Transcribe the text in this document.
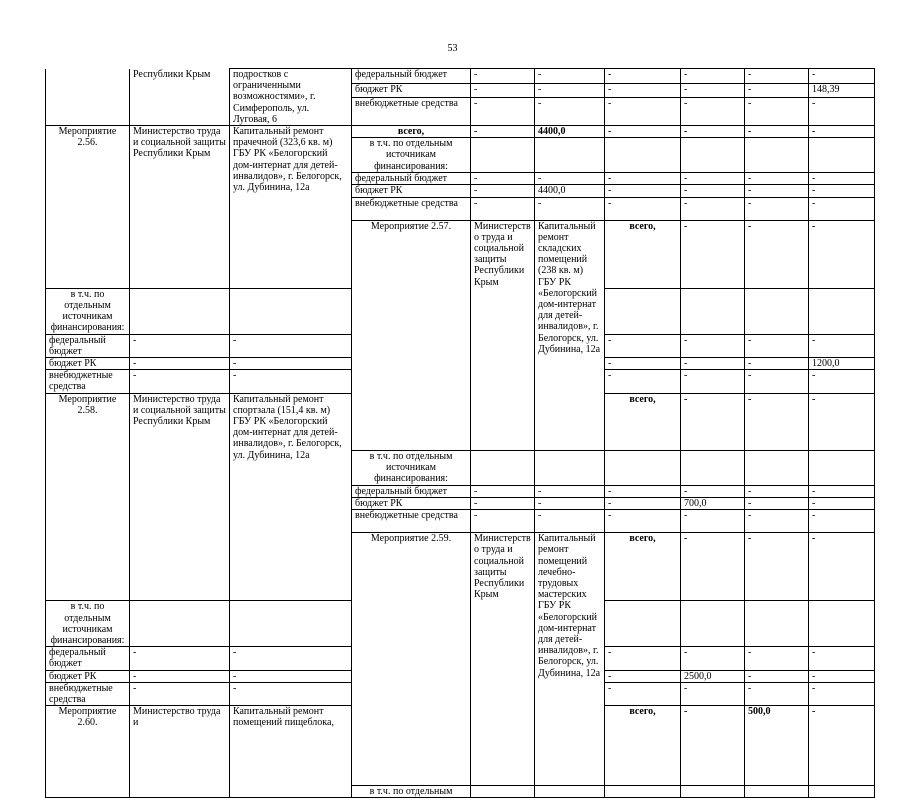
53
	Республики Крым	подростков с ограниченными возможностями», г. Симферополь, ул. Луговая, 6	федеральный бюджет	-	-	-	-	-	-	
			бюджет РК	-	-	-	-	-	148,39	
			внебюджетные средства	-	-	-	-	-	-	
Мероприятие 2.56.	Министерство труда и социальной защиты Республики Крым	Капитальный ремонт прачечной (323,6 кв. м) ГБУ РК «Белогорский дом-интернат для детей-инвалидов», г. Белогорск, ул. Дубинина, 12а	всего,	-	4400,0	-	-	-	-	
			в т.ч. по отдельным источникам финансирования:							
			федеральный бюджет	-	-	-	-	-	-	
			бюджет РК	-	4400,0	-	-	-	-	
			внебюджетные средства	-	-	-	-	-	-	
			Мероприятие 2.57.	Министерство труда и социальной защиты Республики Крым	Капитальный ремонт складских помещений (238 кв. м) ГБУ РК «Белогорский дом-интернат для детей-инвалидов», г. Белогорск, ул. Дубинина, 12а	всего,	-	-	-			
в т.ч. по отдельным источникам финансирования:										
федеральный бюджет	-	-				-	-	-	-	
бюджет РК	-	-				-	-	-	1200,0	
внебюджетные средства	-	-				-	-	-	-	
Мероприятие 2.58.	Министерство труда и социальной защиты Республики Крым	Капитальный ремонт спортзала (151,4 кв. м) ГБУ РК «Белогорский дом-интернат для детей-инвалидов», г. Белогорск, ул. Дубинина, 12а				всего,	-	-	-			
			в т.ч. по отдельным источникам финансирования:							
			федеральный бюджет	-	-	-	-	-	-	
			бюджет РК	-	-	-	700,0	-	-	
			внебюджетные средства	-	-	-	-	-	-	
			Мероприятие 2.59.	Министерство труда и социальной защиты Республики Крым	Капитальный ремонт помещений лечебно-трудовых мастерских ГБУ РК «Белогорский дом-интернат для детей-инвалидов», г. Белогорск, ул. Дубинина, 12а	всего,	-	-	-			
в т.ч. по отдельным источникам финансирования:										
федеральный бюджет	-	-				-	-	-	-	
бюджет РК	-	-				-	2500,0	-	-	
внебюджетные средства	-	-				-	-	-	-	
Мероприятие 2.60.	Министерство труда и	Капитальный ремонт помещений пищеблока,				всего,	-	500,0	-			
			в т.ч. по отдельным							
